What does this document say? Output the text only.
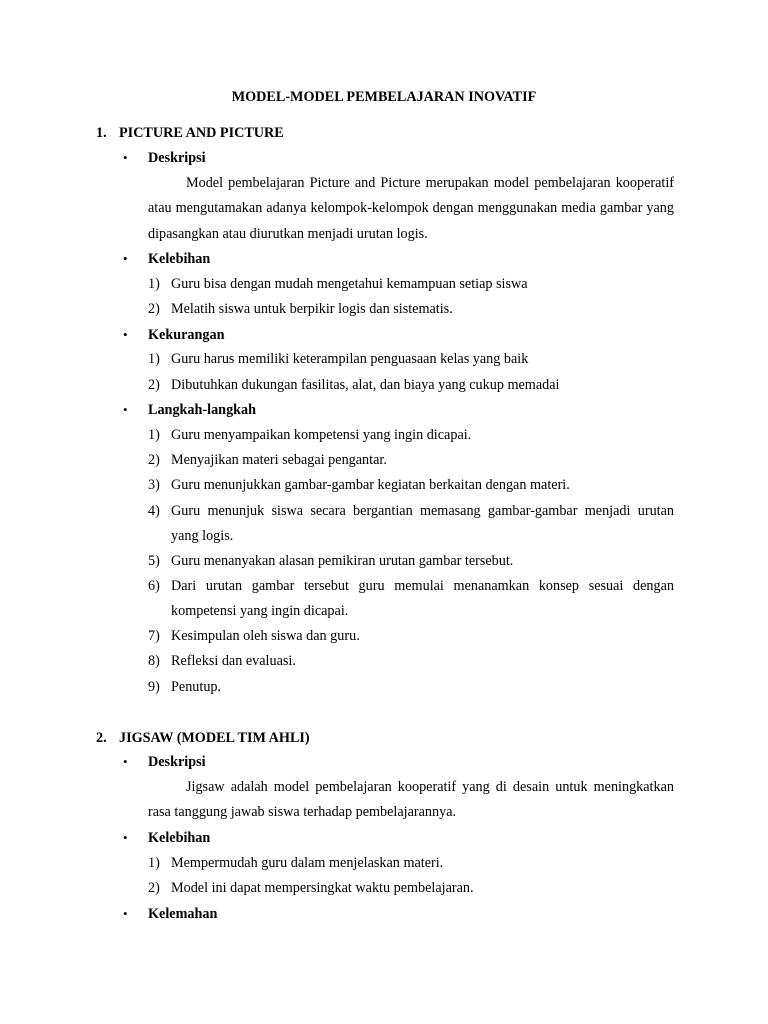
MODEL-MODEL PEMBELAJARAN INOVATIF
1. PICTURE AND PICTURE
• Deskripsi
Model pembelajaran Picture and Picture merupakan model pembelajaran kooperatif atau mengutamakan adanya kelompok-kelompok dengan menggunakan media gambar yang dipasangkan atau diurutkan menjadi urutan logis.
• Kelebihan
1) Guru bisa dengan mudah mengetahui kemampuan setiap siswa
2) Melatih siswa untuk berpikir logis dan sistematis.
• Kekurangan
1) Guru harus memiliki keterampilan penguasaan kelas yang baik
2) Dibutuhkan dukungan fasilitas, alat, dan biaya yang cukup memadai
• Langkah-langkah
1) Guru menyampaikan kompetensi yang ingin dicapai.
2) Menyajikan materi sebagai pengantar.
3) Guru menunjukkan gambar-gambar kegiatan berkaitan dengan materi.
4) Guru menunjuk siswa secara bergantian memasang gambar-gambar menjadi urutan yang logis.
5) Guru menanyakan alasan pemikiran urutan gambar tersebut.
6) Dari urutan gambar tersebut guru memulai menanamkan konsep sesuai dengan kompetensi yang ingin dicapai.
7) Kesimpulan oleh siswa dan guru.
8) Refleksi dan evaluasi.
9) Penutup.
2. JIGSAW (MODEL TIM AHLI)
• Deskripsi
Jigsaw adalah model pembelajaran kooperatif yang di desain untuk meningkatkan rasa tanggung jawab siswa terhadap pembelajarannya.
• Kelebihan
1) Mempermudah guru dalam menjelaskan materi.
2) Model ini dapat mempersingkat waktu pembelajaran.
• Kelemahan
